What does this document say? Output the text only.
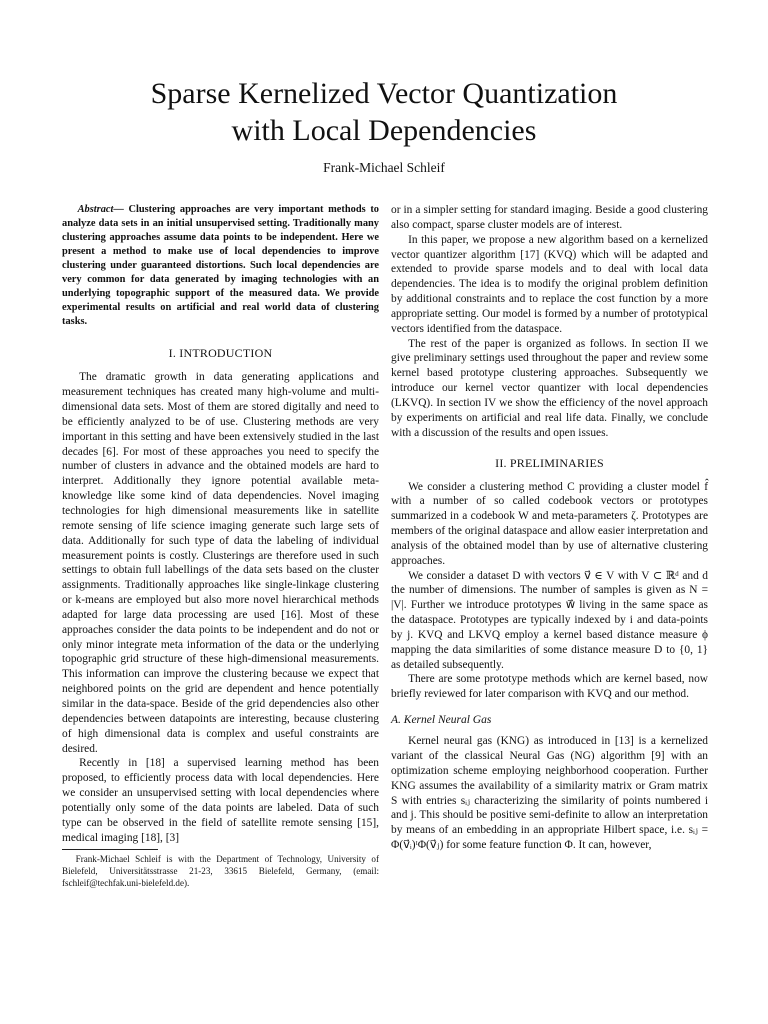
Sparse Kernelized Vector Quantization
with Local Dependencies
Frank-Michael Schleif

Abstract— Clustering approaches are very important methods to analyze data sets in an initial unsupervised setting. Traditionally many clustering approaches assume data points to be independent. Here we present a method to make use of local dependencies to improve clustering under guaranteed distortions. Such local dependencies are very common for data generated by imaging technologies with an underlying topographic support of the measured data. We provide experimental results on artificial and real world data of clustering tasks.

I. INTRODUCTION

The dramatic growth in data generating applications and measurement techniques has created many high-volume and multi-dimensional data sets. Most of them are stored digitally and need to be efficiently analyzed to be of use. Clustering methods are very important in this setting and have been extensively studied in the last decades [6]. For most of these approaches you need to specify the number of clusters in advance and the obtained models are hard to interpret. Additionally they ignore potential available meta-knowledge like some kind of data dependencies. Novel imaging technologies for high dimensional measurements like in satellite remote sensing of life science imaging generate such large sets of data. Additionally for such type of data the labeling of individual measurement points is costly. Clusterings are therefore used in such settings to obtain full labellings of the data sets based on the cluster assignments. Traditionally approaches like single-linkage clustering or k-means are employed but also more novel hierarchical methods adapted for large data processing are used [16]. Most of these approaches consider the data points to be independent and do not or only minor integrate meta information of the data or the underlying topographic grid structure of these high-dimensional measurements. This information can improve the clustering because we expect that neighbored points on the grid are dependent and hence potentially similar in the data-space. Beside of the grid dependencies also other dependencies between datapoints are interesting, because clustering of high dimensional data is complex and useful constraints are desired.

Recently in [18] a supervised learning method has been proposed, to efficiently process data with local dependencies. Here we consider an unsupervised setting with local dependencies where potentially only some of the data points are labeled. Data of such type can be observed in the field of satellite remote sensing [15], medical imaging [18], [3]

Frank-Michael Schleif is with the Department of Technology, University of Bielefeld, Universitätsstrasse 21-23, 33615 Bielefeld, Germany, (email: fschleif@techfak.uni-bielefeld.de).

or in a simpler setting for standard imaging. Beside a good clustering also compact, sparse cluster models are of interest.

In this paper, we propose a new algorithm based on a kernelized vector quantizer algorithm [17] (KVQ) which will be adapted and extended to provide sparse models and to deal with local data dependencies. The idea is to modify the original problem definition by additional constraints and to replace the cost function by a more appropriate setting. Our model is formed by a number of prototypical vectors identified from the dataspace.

The rest of the paper is organized as follows. In section II we give preliminary settings used throughout the paper and review some kernel based prototype clustering approaches. Subsequently we introduce our kernel vector quantizer with local dependencies (LKVQ). In section IV we show the efficiency of the novel approach by experiments on artificial and real life data. Finally, we conclude with a discussion of the results and open issues.

II. PRELIMINARIES

We consider a clustering method C providing a cluster model f̂ with a number of so called codebook vectors or prototypes summarized in a codebook W and meta-parameters ζ. Prototypes are members of the original dataspace and allow easier interpretation and analysis of the obtained model than by use of alternative clustering approaches.

We consider a dataset D with vectors v⃗ ∈ V with V ⊂ ℝᵈ and d the number of dimensions. The number of samples is given as N = |V|. Further we introduce prototypes w⃗ living in the same space as the dataspace. Prototypes are typically indexed by i and data-points by j. KVQ and LKVQ employ a kernel based distance measure ϕ mapping the data similarities of some distance measure D to {0, 1} as detailed subsequently.

There are some prototype methods which are kernel based, now briefly reviewed for later comparison with KVQ and our method.

A. Kernel Neural Gas

Kernel neural gas (KNG) as introduced in [13] is a kernelized variant of the classical Neural Gas (NG) algorithm [9] with an optimization scheme employing neighborhood cooperation. Further KNG assumes the availability of a similarity matrix or Gram matrix S with entries sᵢⱼ characterizing the similarity of points numbered i and j. This should be positive semi-definite to allow an interpretation by means of an embedding in an appropriate Hilbert space, i.e. sᵢⱼ = Φ(v⃗ᵢ)ᵗΦ(v⃗ⱼ) for some feature function Φ. It can, however,
